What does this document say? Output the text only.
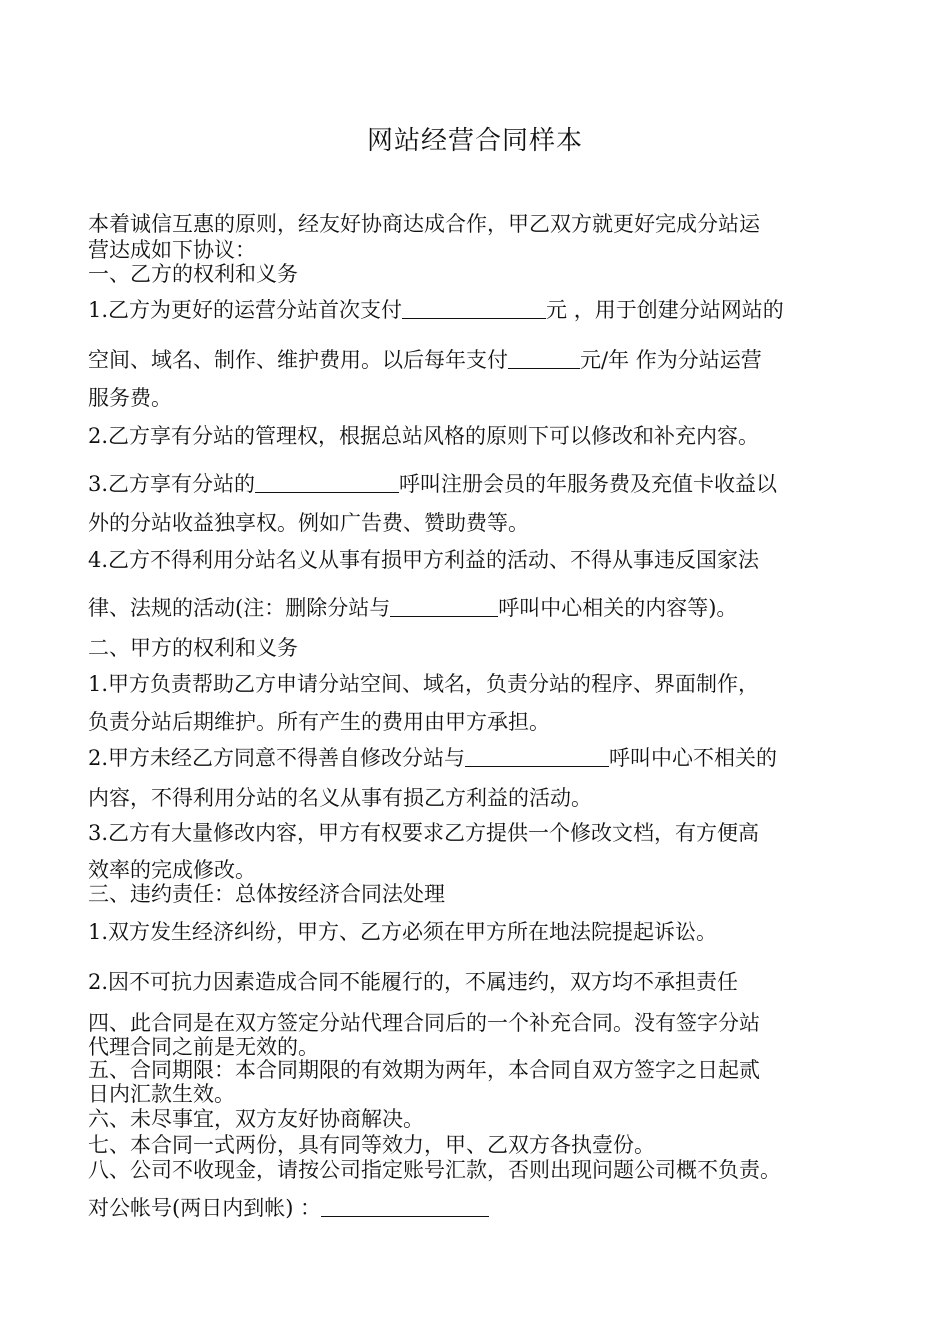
网站经营合同样本
本着诚信互惠的原则，经友好协商达成合作，甲乙双方就更好完成分站运
营达成如下协议：
一、乙方的权利和义务
1.乙方为更好的运营分站首次支付	元 ，用于创建分站网站的
空间、域名、制作、维护费用。以后每年支付	元/年 作为分站运营
服务费。
2.乙方享有分站的管理权，根据总站风格的原则下可以修改和补充内容。
3.乙方享有分站的	呼叫注册会员的年服务费及充值卡收益以
外的分站收益独享权。例如广告费、赞助费等。
4.乙方不得利用分站名义从事有损甲方利益的活动、不得从事违反国家法
律、法规的活动(注：删除分站与	呼叫中心相关的内容等)。
二、甲方的权利和义务
1.甲方负责帮助乙方申请分站空间、域名，负责分站的程序、界面制作，
负责分站后期维护。所有产生的费用由甲方承担。
2.甲方未经乙方同意不得善自修改分站与	呼叫中心不相关的
内容，不得利用分站的名义从事有损乙方利益的活动。
3.乙方有大量修改内容，甲方有权要求乙方提供一个修改文档，有方便高
效率的完成修改。
三、违约责任：总体按经济合同法处理
1.双方发生经济纠纷，甲方、乙方必须在甲方所在地法院提起诉讼。
2.因不可抗力因素造成合同不能履行的，不属违约，双方均不承担责任
四、此合同是在双方签定分站代理合同后的一个补充合同。没有签字分站
代理合同之前是无效的。
五、合同期限：本合同期限的有效期为两年，本合同自双方签字之日起贰
日内汇款生效。
六、未尽事宜，双方友好协商解决。
七、本合同一式两份，具有同等效力，甲、乙双方各执壹份。
八、公司不收现金，请按公司指定账号汇款，否则出现问题公司概不负责。
对公帐号(两日内到帐) ：
